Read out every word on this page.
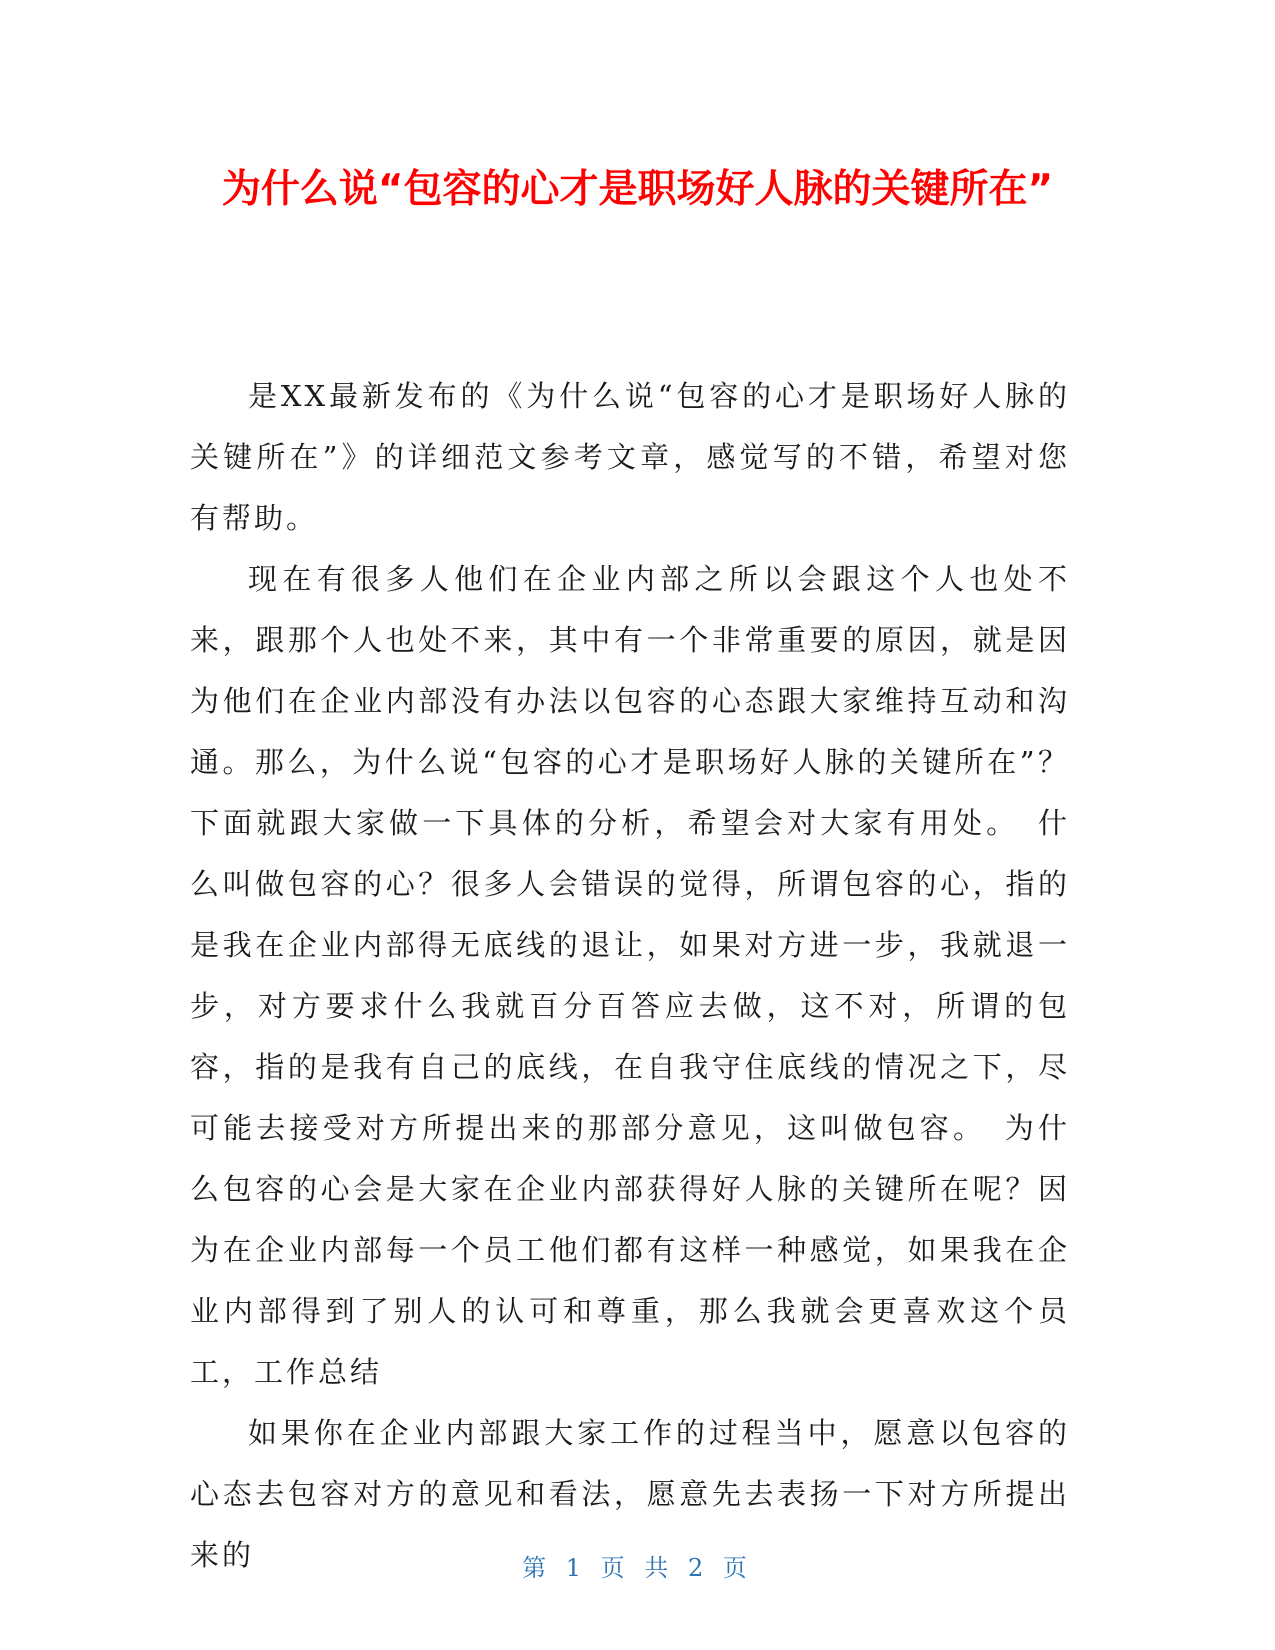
为什么说“包容的心才是职场好人脉的关键所在”

是XX最新发布的《为什么说“包容的心才是职场好人脉的关键所在”》的详细范文参考文章，感觉写的不错，希望对您有帮助。

现在有很多人他们在企业内部之所以会跟这个人也处不来，跟那个人也处不来，其中有一个非常重要的原因，就是因为他们在企业内部没有办法以包容的心态跟大家维持互动和沟通。那么，为什么说“包容的心才是职场好人脉的关键所在”？下面就跟大家做一下具体的分析，希望会对大家有用处。　什么叫做包容的心？很多人会错误的觉得，所谓包容的心，指的是我在企业内部得无底线的退让，如果对方进一步，我就退一步，对方要求什么我就百分百答应去做，这不对，所谓的包容，指的是我有自己的底线，在自我守住底线的情况之下，尽可能去接受对方所提出来的那部分意见，这叫做包容。　为什么包容的心会是大家在企业内部获得好人脉的关键所在呢？因为在企业内部每一个员工他们都有这样一种感觉，如果我在企业内部得到了别人的认可和尊重，那么我就会更喜欢这个员工，工作总结

如果你在企业内部跟大家工作的过程当中，愿意以包容的心态去包容对方的意见和看法，愿意先去表扬一下对方所提出来的	第 1 页 共 2 页
